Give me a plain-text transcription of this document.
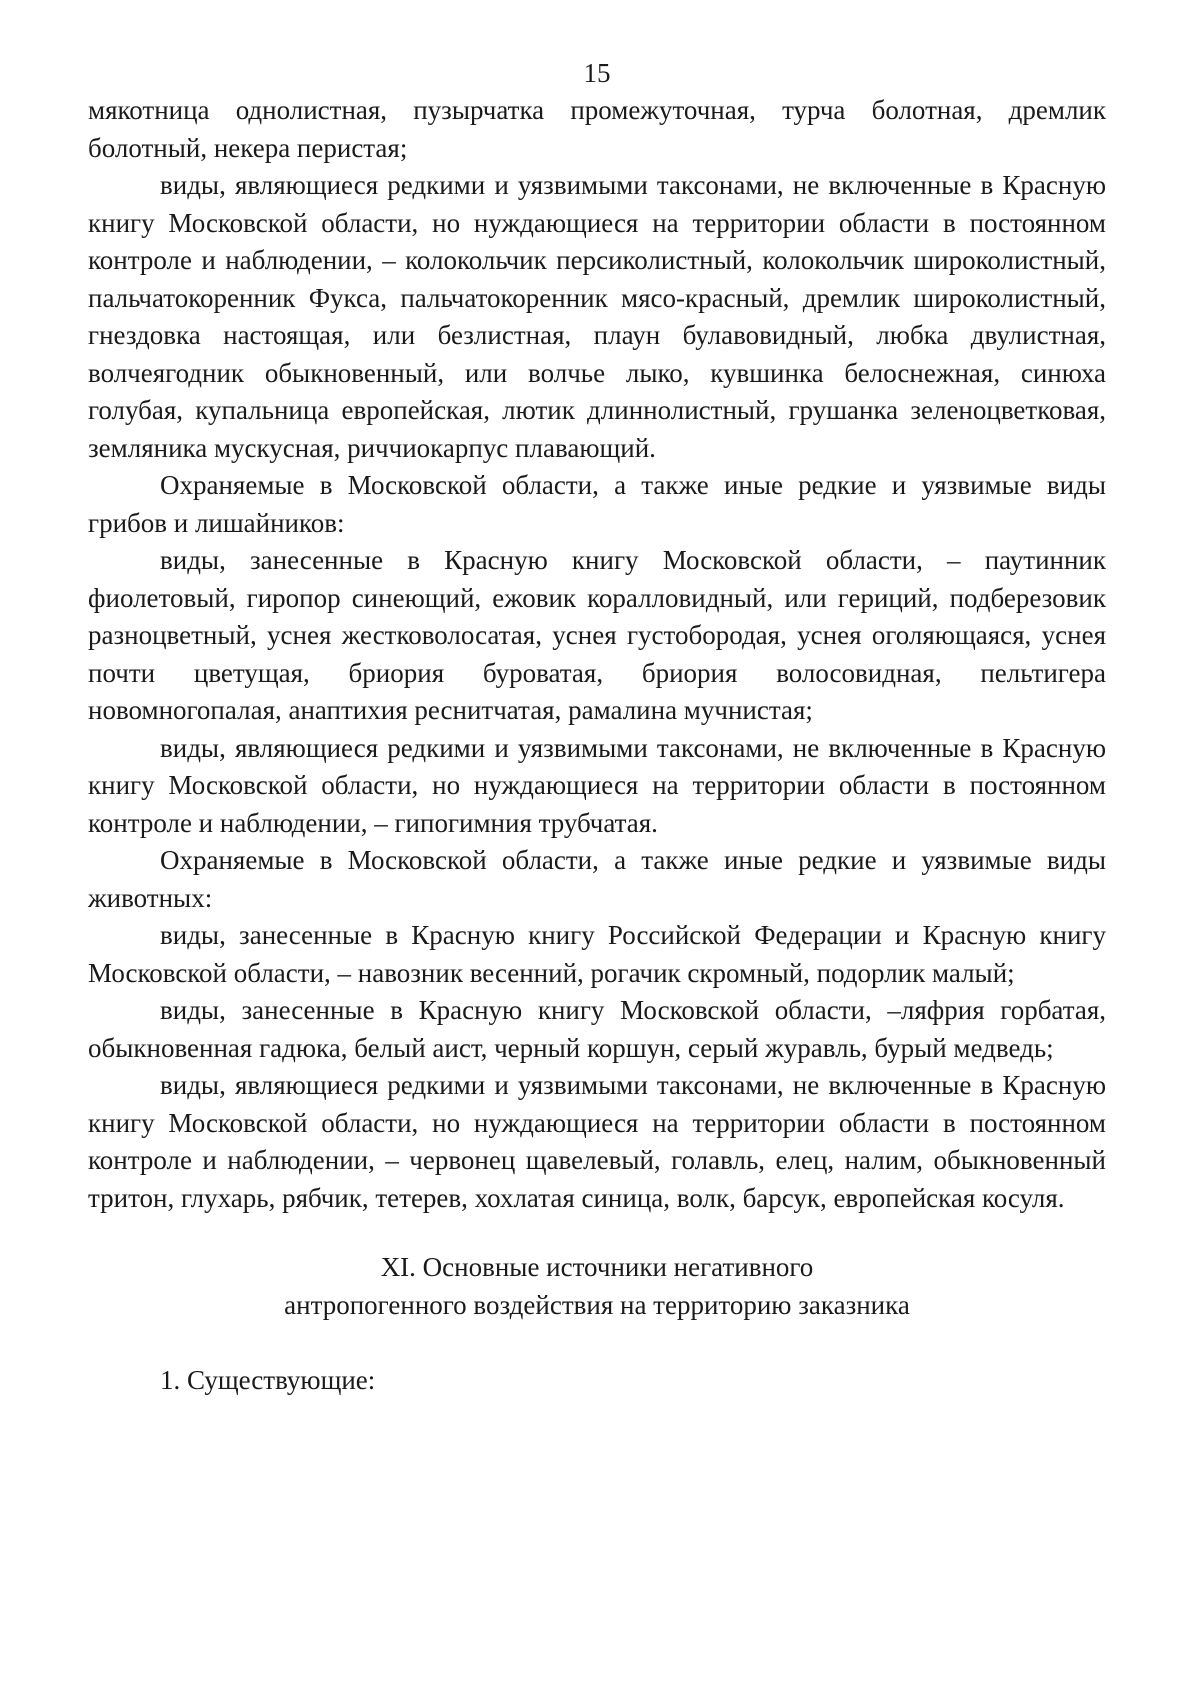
15

мякотница однолистная, пузырчатка промежуточная, турча болотная, дремлик болотный, некера перистая;

виды, являющиеся редкими и уязвимыми таксонами, не включенные в Красную книгу Московской области, но нуждающиеся на территории области в постоянном контроле и наблюдении, – колокольчик персиколистный, колокольчик широколистный, пальчатокоренник Фукса, пальчатокоренник мясо-красный, дремлик широколистный, гнездовка настоящая, или безлистная, плаун булавовидный, любка двулистная, волчеягодник обыкновенный, или волчье лыко, кувшинка белоснежная, синюха голубая, купальница европейская, лютик длиннолистный, грушанка зеленоцветковая, земляника мускусная, риччиокарпус плавающий.

Охраняемые в Московской области, а также иные редкие и уязвимые виды грибов и лишайников:

виды, занесенные в Красную книгу Московской области, – паутинник фиолетовый, гиропор синеющий, ежовик коралловидный, или гериций, подберезовик разноцветный, уснея жестковолосатая, уснея густобородая, уснея оголяющаяся, уснея почти цветущая, бриория буроватая, бриория волосовидная, пельтигера новомногопалая, анаптихия реснитчатая, рамалина мучнистая;

виды, являющиеся редкими и уязвимыми таксонами, не включенные в Красную книгу Московской области, но нуждающиеся на территории области в постоянном контроле и наблюдении, – гипогимния трубчатая.

Охраняемые в Московской области, а также иные редкие и уязвимые виды животных:

виды, занесенные в Красную книгу Российской Федерации и Красную книгу Московской области, – навозник весенний, рогачик скромный, подорлик малый;

виды, занесенные в Красную книгу Московской области, –ляфрия горбатая, обыкновенная гадюка, белый аист, черный коршун, серый журавль, бурый медведь;

виды, являющиеся редкими и уязвимыми таксонами, не включенные в Красную книгу Московской области, но нуждающиеся на территории области в постоянном контроле и наблюдении, – червонец щавелевый, голавль, елец, налим, обыкновенный тритон, глухарь, рябчик, тетерев, хохлатая синица, волк, барсук, европейская косуля.

XI. Основные источники негативного
антропогенного воздействия на территорию заказника
1. Существующие:
